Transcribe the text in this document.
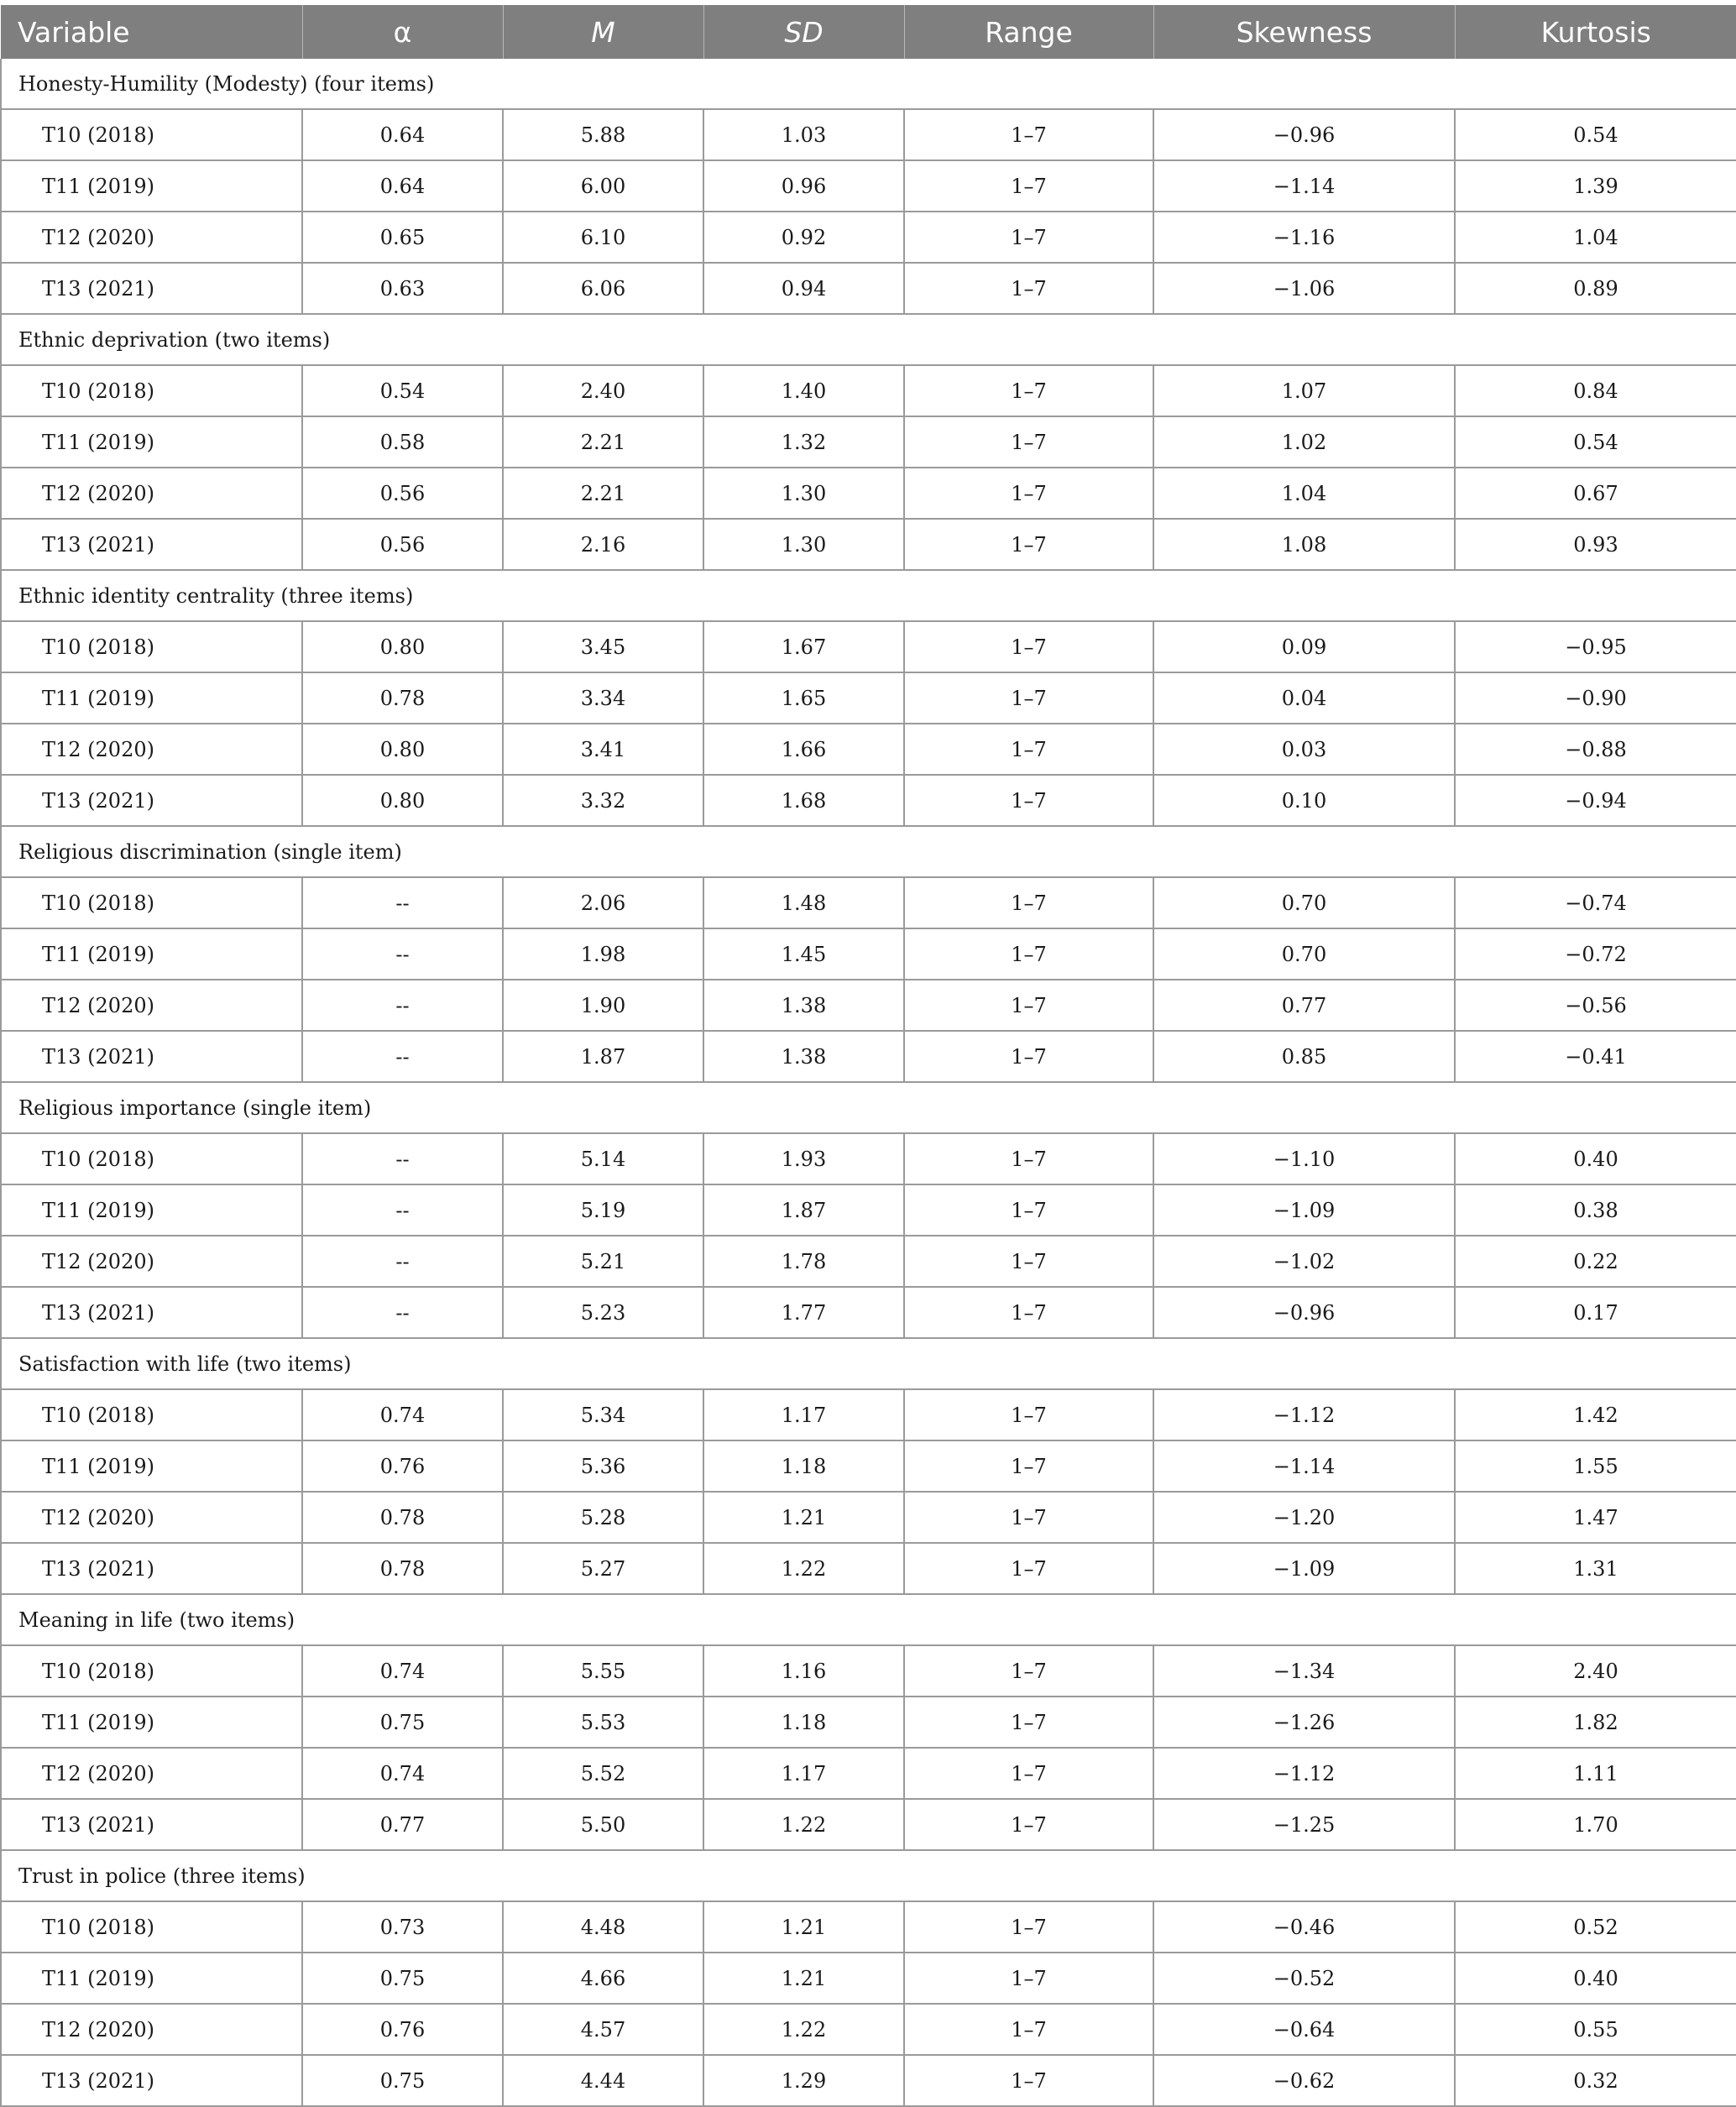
Variable	α	M	SD	Range	Skewness	Kurtosis
Honesty-Humility (Modesty) (four items)						
T10 (2018)	0.64	5.88	1.03	1–7	−0.96	0.54
T11 (2019)	0.64	6.00	0.96	1–7	−1.14	1.39
T12 (2020)	0.65	6.10	0.92	1–7	−1.16	1.04
T13 (2021)	0.63	6.06	0.94	1–7	−1.06	0.89
Ethnic deprivation (two items)						
T10 (2018)	0.54	2.40	1.40	1–7	1.07	0.84
T11 (2019)	0.58	2.21	1.32	1–7	1.02	0.54
T12 (2020)	0.56	2.21	1.30	1–7	1.04	0.67
T13 (2021)	0.56	2.16	1.30	1–7	1.08	0.93
Ethnic identity centrality (three items)						
T10 (2018)	0.80	3.45	1.67	1–7	0.09	−0.95
T11 (2019)	0.78	3.34	1.65	1–7	0.04	−0.90
T12 (2020)	0.80	3.41	1.66	1–7	0.03	−0.88
T13 (2021)	0.80	3.32	1.68	1–7	0.10	−0.94
Religious discrimination (single item)						
T10 (2018)	--	2.06	1.48	1–7	0.70	−0.74
T11 (2019)	--	1.98	1.45	1–7	0.70	−0.72
T12 (2020)	--	1.90	1.38	1–7	0.77	−0.56
T13 (2021)	--	1.87	1.38	1–7	0.85	−0.41
Religious importance (single item)						
T10 (2018)	--	5.14	1.93	1–7	−1.10	0.40
T11 (2019)	--	5.19	1.87	1–7	−1.09	0.38
T12 (2020)	--	5.21	1.78	1–7	−1.02	0.22
T13 (2021)	--	5.23	1.77	1–7	−0.96	0.17
Satisfaction with life (two items)						
T10 (2018)	0.74	5.34	1.17	1–7	−1.12	1.42
T11 (2019)	0.76	5.36	1.18	1–7	−1.14	1.55
T12 (2020)	0.78	5.28	1.21	1–7	−1.20	1.47
T13 (2021)	0.78	5.27	1.22	1–7	−1.09	1.31
Meaning in life (two items)						
T10 (2018)	0.74	5.55	1.16	1–7	−1.34	2.40
T11 (2019)	0.75	5.53	1.18	1–7	−1.26	1.82
T12 (2020)	0.74	5.52	1.17	1–7	−1.12	1.11
T13 (2021)	0.77	5.50	1.22	1–7	−1.25	1.70
Trust in police (three items)						
T10 (2018)	0.73	4.48	1.21	1–7	−0.46	0.52
T11 (2019)	0.75	4.66	1.21	1–7	−0.52	0.40
T12 (2020)	0.76	4.57	1.22	1–7	−0.64	0.55
T13 (2021)	0.75	4.44	1.29	1–7	−0.62	0.32
